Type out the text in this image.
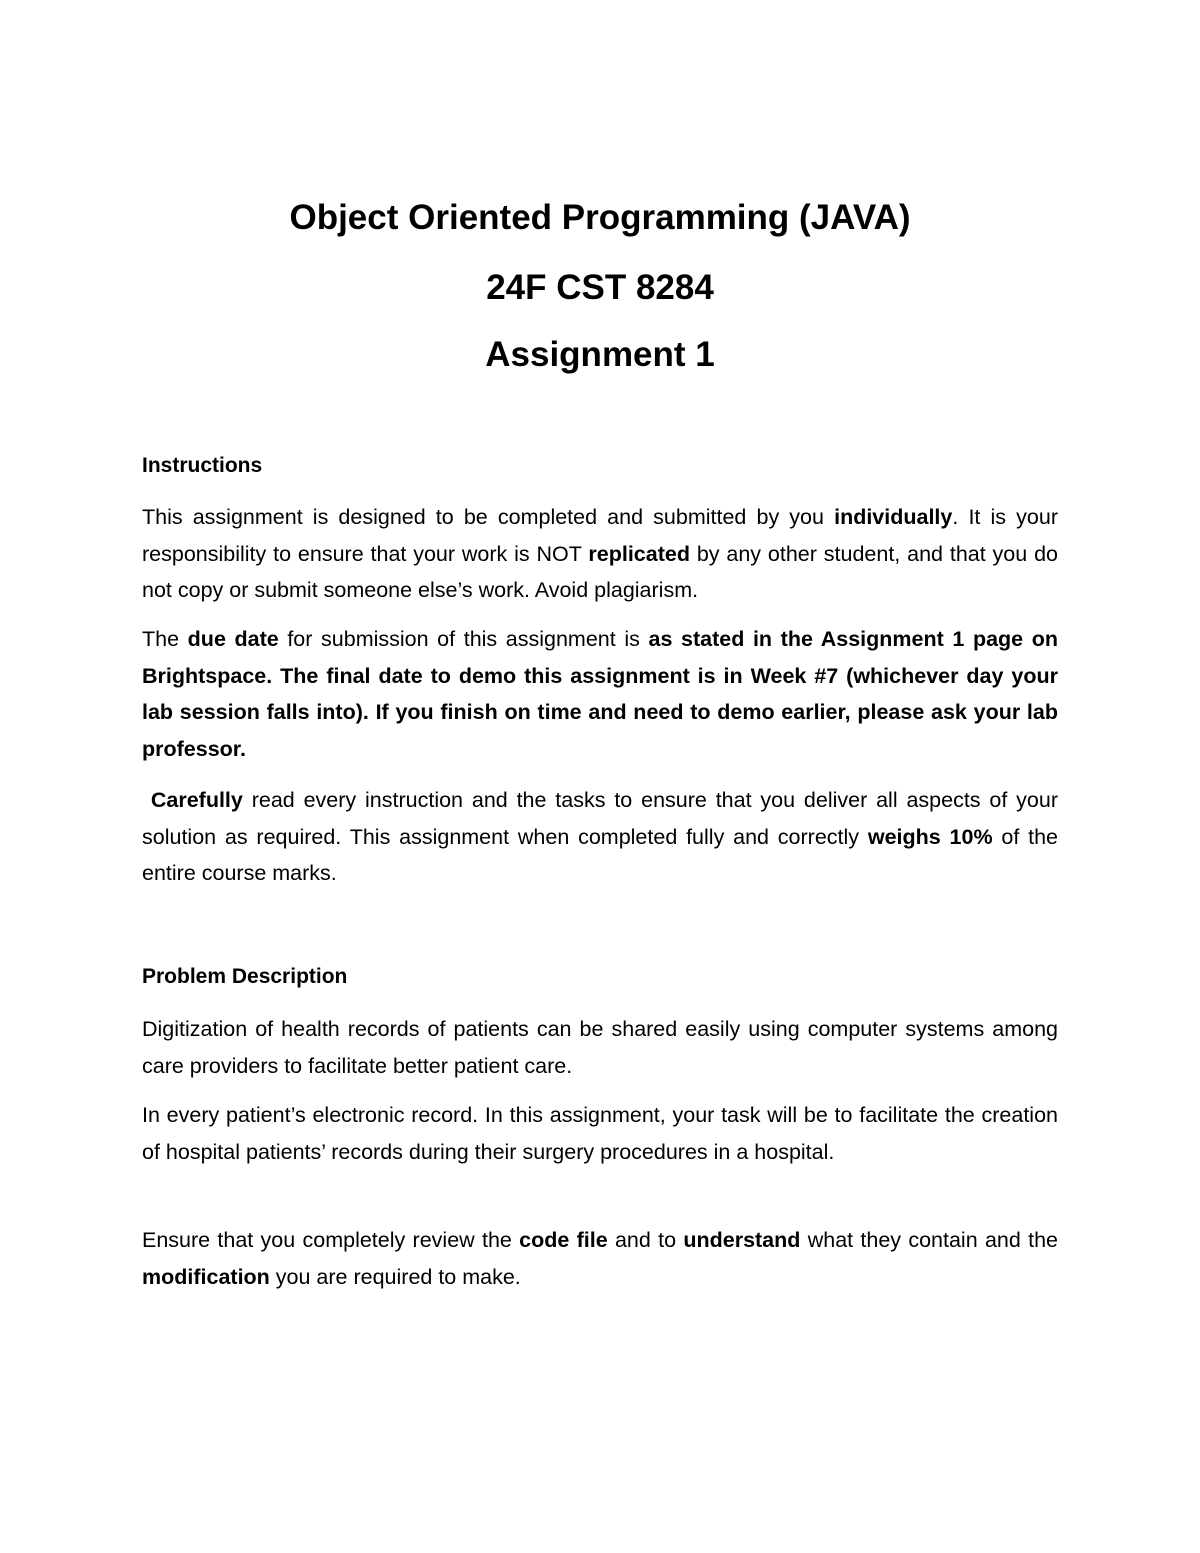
Object Oriented Programming (JAVA)
24F CST 8284
Assignment 1
Instructions

This assignment is designed to be completed and submitted by you individually. It is your responsibility to ensure that your work is NOT replicated by any other student, and that you do not copy or submit someone else’s work. Avoid plagiarism.

The due date for submission of this assignment is as stated in the Assignment 1 page on Brightspace. The final date to demo this assignment is in Week #7 (whichever day your lab session falls into). If you finish on time and need to demo earlier, please ask your lab professor.

Carefully read every instruction and the tasks to ensure that you deliver all aspects of your solution as required. This assignment when completed fully and correctly weighs 10% of the entire course marks.

Problem Description

Digitization of health records of patients can be shared easily using computer systems among care providers to facilitate better patient care.

In every patient’s electronic record. In this assignment, your task will be to facilitate the creation of hospital patients’ records during their surgery procedures in a hospital.

Ensure that you completely review the code file and to understand what they contain and the modification you are required to make.
